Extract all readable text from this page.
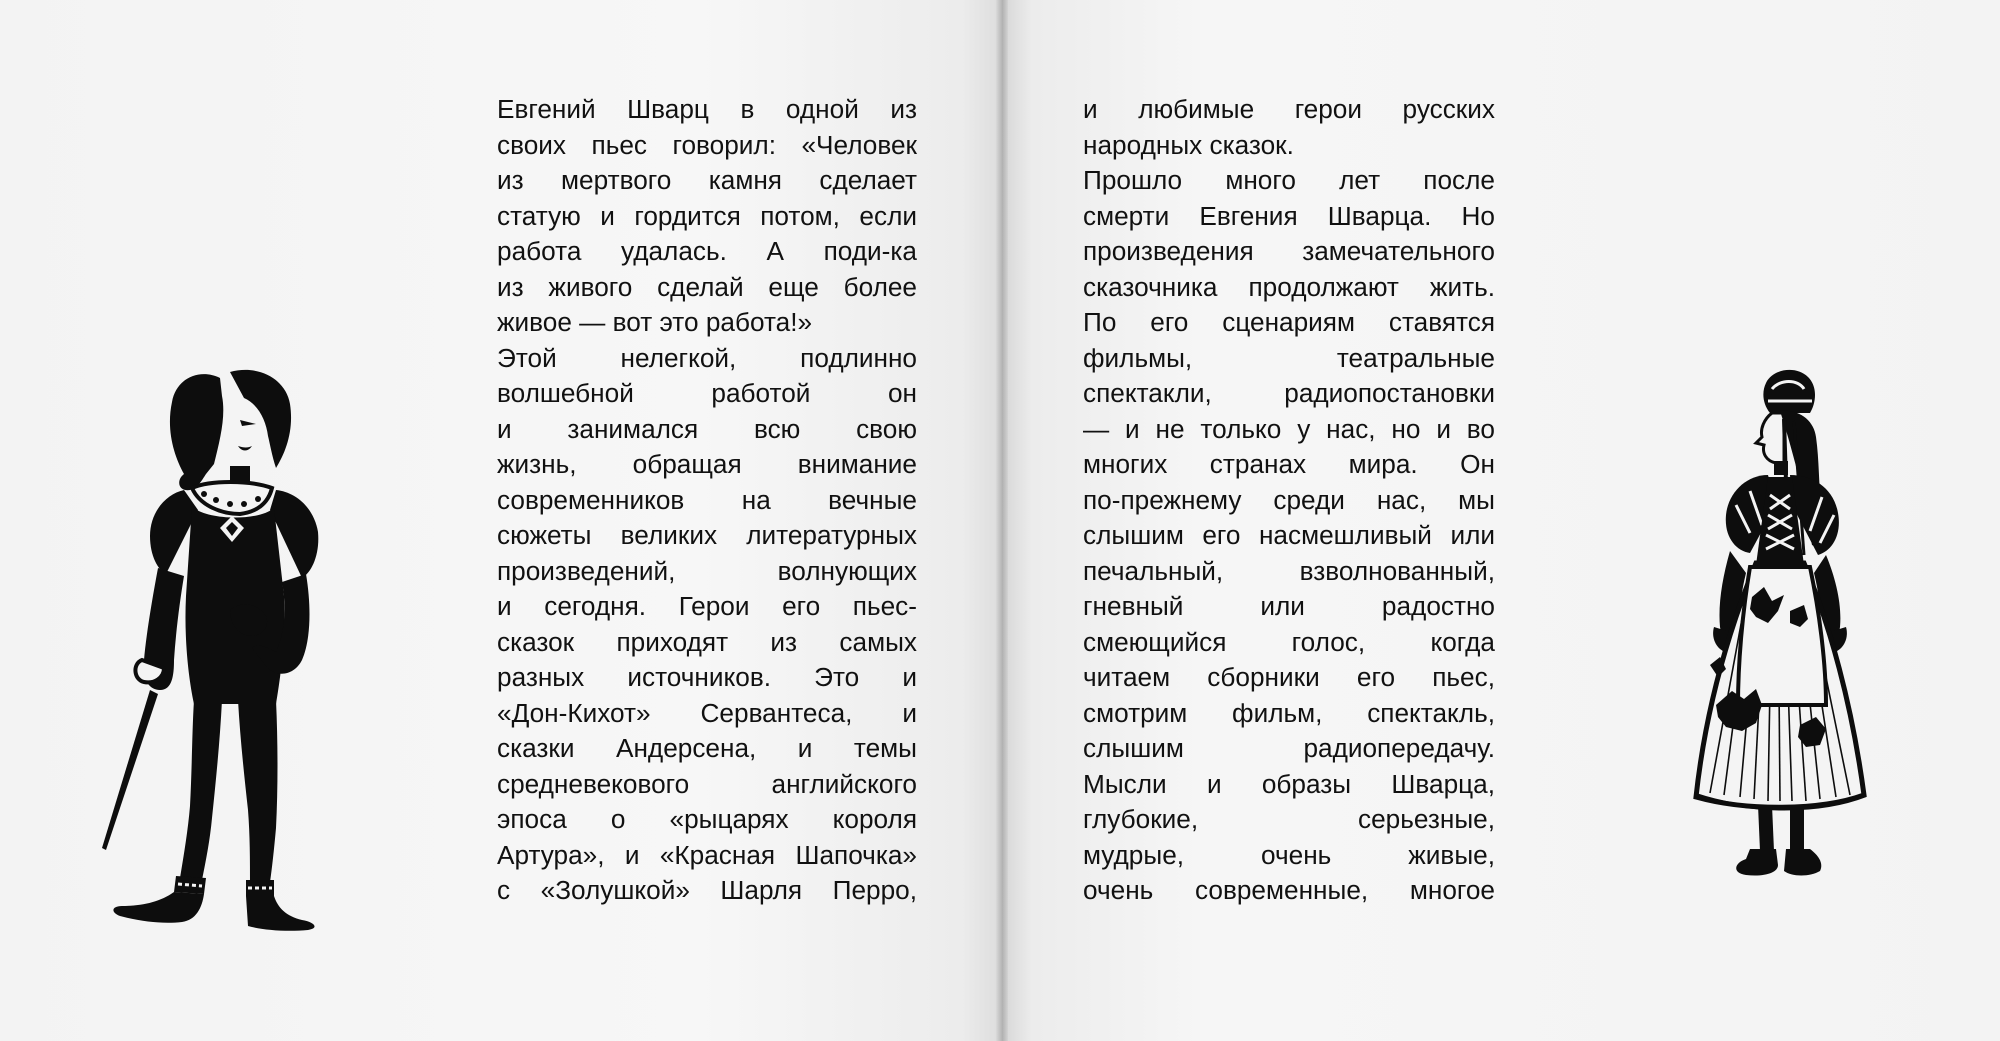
Евгений Шварц в одной из
своих пьес говорил: «Человек
из мертвого камня сделает
статую и гордится потом, если
работа удалась. А поди-ка
из живого сделай еще более
живое — вот это работа!»
Этой нелегкой, подлинно
волшебной работой он
и занимался всю свою
жизнь, обращая внимание
современников на вечные
сюжеты великих литературных
произведений, волнующих
и сегодня. Герои его пьес-
сказок приходят из самых
разных источников. Это и
«Дон-Кихот» Сервантеса, и
сказки Андерсена, и темы
средневекового английского
эпоса о «рыцарях короля
Артура», и «Красная Шапочка»
с «Золушкой» Шарля Перро,
и любимые герои русских
народных сказок.
Прошло много лет после
смерти Евгения Шварца. Но
произведения замечательного
сказочника продолжают жить.
По его сценариям ставятся
фильмы, театральные
спектакли, радиопостановки
— и не только у нас, но и во
многих странах мира. Он
по-прежнему среди нас, мы
слышим его насмешливый или
печальный, взволнованный,
гневный или радостно
смеющийся голос, когда
читаем сборники его пьес,
смотрим фильм, спектакль,
слышим радиопередачу.
Мысли и образы Шварца,
глубокие, серьезные,
мудрые, очень живые,
очень современные, многое
